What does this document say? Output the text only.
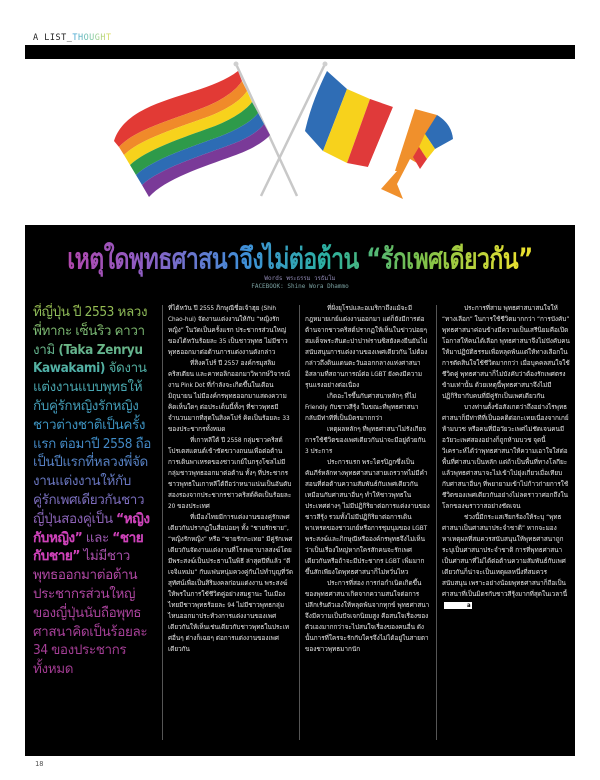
A LIST_THOUGHT
เหตุใดพุทธศาสนาจึงไม่ต่อต้าน “รักเพศเดียวกัน”
Words พระธรรม วรธัมโม
FACEBOOK: Shine Wora Dhammo
ที่ญี่ปุ่น ปี 2553 หลวงพี่ทากะ เซ็นริว คาวางามิ (Taka Zenryu Kawakami) จัดงานแต่งงานแบบพุทธให้กับคู่รักหญิงรักหญิงชาวต่างชาติเป็นครั้งแรก ต่อมาปี 2558 ถือเป็นปีแรกที่หลวงพี่จัดงานแต่งงานให้กับคู่รักเพศเดียวกันชาวญี่ปุ่นสองคู่เป็น “หญิงกับหญิง” และ “ชายกับชาย” ไม่มีชาวพุทธออกมาต่อต้านประชากรส่วนใหญ่ของญี่ปุ่นนับถือพุทธศาสนาคิดเป็นร้อยละ 34 ของประชากรทั้งหมด

ที่ไต้หวัน ปี 2555 ภิกษุณีชื่อเจ้าฮุย (Shih Chao-hui) จัดงานแต่งงานให้กับ “หญิงรักหญิง” ในวัดเป็นครั้งแรก ประชากรส่วนใหญ่ของไต้หวันร้อยละ 35 เป็นชาวพุทธ ไม่มีชาวพุทธออกมาต่อต้านการแต่งงานดังกล่าว

ที่สิงคโปร์ ปี 2557 องค์กรมุสลิม คริสเตียน และคาทอลิกออกมาวิพากษ์วิจารณ์งาน Pink Dot ที่กำลังจะเกิดขึ้นในเดือนมิถุนายน ไม่มีองค์กรพุทธออกมาแสดงความคิดเห็นใดๆ ต่อประเด็นนี้ทั้งๆ ที่ชาวพุทธมีจำนวนมากที่สุดในสิงคโปร์ คิดเป็นร้อยละ 33 ของประชากรทั้งหมด

ที่เกาหลีใต้ ปี 2558 กลุ่มชาวคริสต์โปรเตสแตนต์เข้าขัดขวางถนนเพื่อต่อต้านการเดินพาเหรดของชาวเกย์ในกรุงโซลไม่มีกลุ่มชาวพุทธออกมาต่อต้าน ทั้งๆ ที่ประชากรชาวพุทธในเกาหลีใต้ถือว่าหนาแน่นเป็นอันดับสองรองจากประชากรชาวคริสต์คิดเป็นร้อยละ 20 ของประเทศ

ที่เมืองไทยมีการแต่งงานของคู่รักเพศเดียวกันปรากฏในสื่อบ่อยๆ ทั้ง “ชายรักชาย”, “หญิงรักหญิง” หรือ “ชายรักกะเทย” มีคู่รักเพศเดียวกันจัดงานแต่งงานที่โรงพยาบาลสงฆ์โดยมีพระสงฆ์เป็นประธานในพิธี ล่าสุดปีที่แล้ว “ดีเจจิแหม่ม” กับแฟนหนุ่มควงคู่กันไปทำบุญที่วัดสุทัศน์เพื่อเป็นสิริมงคลก่อนแต่งงาน พระสงฆ์ให้พรในการใช้ชีวิตคู่อย่างสมฐานะ ในเมืองไทยมีชาวพุทธร้อยละ 94 ไม่มีชาวพุทธกลุ่มไหนออกมาประท้วงการแต่งงานของเพศเดียวกันให้เห็นเช่นเดียวกับชาวพุทธในประเทศอื่นๆ ต่างก็เฉยๆ ต่อการแต่งงานของเพศเดียวกัน

ที่ฝั่งยุโรปและอเมริกาถึงแม้จะมีกฎหมายเกย์แต่งงานออกมา แต่ก็ยังมีการต่อต้านจากชาวคริสต์ปรากฏให้เห็นในข่าวบ่อยๆ สมเด็จพระสันตะปาปาฟรานซิสยังคงยืนยันไม่สนับสนุนการแต่งงานของเพศเดียวกัน ไม่ต้องกล่าวถึงดินแดนตะวันออกกลางแห่งศาสนาอิสลามที่สถานการณ์ต่อ LGBT ยังคงมีความรุนแรงอย่างต่อเนื่อง

เกิดอะไรขึ้นกับศาสนาหลักๆ ที่ไม่ Friendly กับชาวสีรุ้ง ในขณะที่พุทธศาสนากลับมีท่าทีที่เป็นมิตรมากกว่า

เหตุผลหลักๆ ที่พุทธศาสนาไม่รังเกียจการใช้ชีวิตของเพศเดียวกันน่าจะมีอยู่ด้วยกัน 3 ประการ

ประการแรก พระไตรปิฎกซึ่งเป็นคัมภีร์หลักทางพุทธศาสนาสายเถรวาทไม่มีคำสอนที่ต่อต้านความสัมพันธ์กับเพศเดียวกันเหมือนกับศาสนาอื่นๆ ทำให้ชาวพุทธในประเทศต่างๆ ไม่มีปฏิกิริยาต่อการแต่งงานของชาวสีรุ้ง รวมทั้งไม่มีปฏิกิริยาต่อการเดินพาเหรดของชาวเกย์หรือการชุมนุมของ LGBT พระสงฆ์และภิกษุณีหรือองค์กรพุทธจึงไม่เห็นว่าเป็นเรื่องใหญ่หากใครสักคนจะรักเพศเดียวกันหรือถ้าจะมีประชากร LGBT เพิ่มมากขึ้นสักเพียงใดพุทธศาสนาก็ไม่หวั่นไหว

ประการที่สอง การก่อกำเนิดเกิดขึ้นของพุทธศาสนาเกิดจากความสนใจต่อการปลีกเร้นตัวเองให้หลุดพ้นจากทุกข์ พุทธศาสนาจึงมีความเป็นปัจเจกนิยมสูง คือสนใจเรื่องของตัวเองมากกว่าจะไปสนใจเรื่องของคนอื่น ดังนั้นการที่ใครจะรักกับใครจึงไม่ได้อยู่ในสายตาของชาวพุทธมากนัก

ประการที่สาม พุทธศาสนาสนใจให้ “ทางเลือก” ในการใช้ชีวิตมากกว่า “การบังคับ” พุทธศาสนาค่อนข้างมีความเป็นเสรีนิยมคือเปิดโอกาสให้คนได้เลือก พุทธศาสนาจึงไม่บังคับคนให้มาปฏิบัติธรรมเพื่อหลุดพ้นแต่ให้ทางเลือกในการตัดสินใจใช้ชีวิตมากกว่า เมื่อบุคคลสนใจใช้ชีวิตคู่ พุทธศาสนาก็ไม่บังคับว่าต้องรักเพศตรงข้ามเท่านั้น ด้วยเหตุนี้พุทธศาสนาจึงไม่มีปฏิกิริยากับคนที่มีคู่รักเป็นเพศเดียวกัน

บางท่านตั้งข้อสังเกตว่าถึงอย่างไรพุทธศาสนาก็มีท่าทีที่เป็นอคติต่อกะเทยเนื่องจากเกย์ห้ามบวช หรือคนที่มีอวัยวะเพศไม่ชัดเจนคนมีอวัยวะเพศสองอย่างก็ถูกห้ามบวช จุดนี้วิเคราะห์ได้ว่าพุทธศาสนาให้ความเอาใจใส่ต่อพื้นที่ศาสนาเป็นหลัก แต่ถ้าเป็นพื้นที่ทางโลกียะแล้วพุทธศาสนาจะไม่เข้าไปยุ่งเกี่ยวเมื่อเทียบกับศาสนาอื่นๆ ที่พยายามเข้าไปก้าวก่ายการใช้ชีวิตของเพศเดียวกันอย่างไม่ลดราวาศอกถึงในโลกของฆราวาสอย่างชัดเจน

ช่วงนี้มีกระแสเรียกร้องให้ระบุ “พุทธศาสนาเป็นศาสนาประจำชาติ” หากจะมองหาเหตุผลที่สมควรสนับสนุนให้พุทธศาสนาถูกระบุเป็นศาสนาประจำชาติ การที่พุทธศาสนาเป็นศาสนาที่ไม่ได้ต่อต้านความสัมพันธ์กับเพศเดียวกันก็น่าจะเป็นเหตุผลหนึ่งที่สมควรสนับสนุน เพราะอย่างน้อยพุทธศาสนาก็ถือเป็นศาสนาที่เป็นมิตรกับชาวสีรุ้งมากที่สุดในเวลานี้a

18
